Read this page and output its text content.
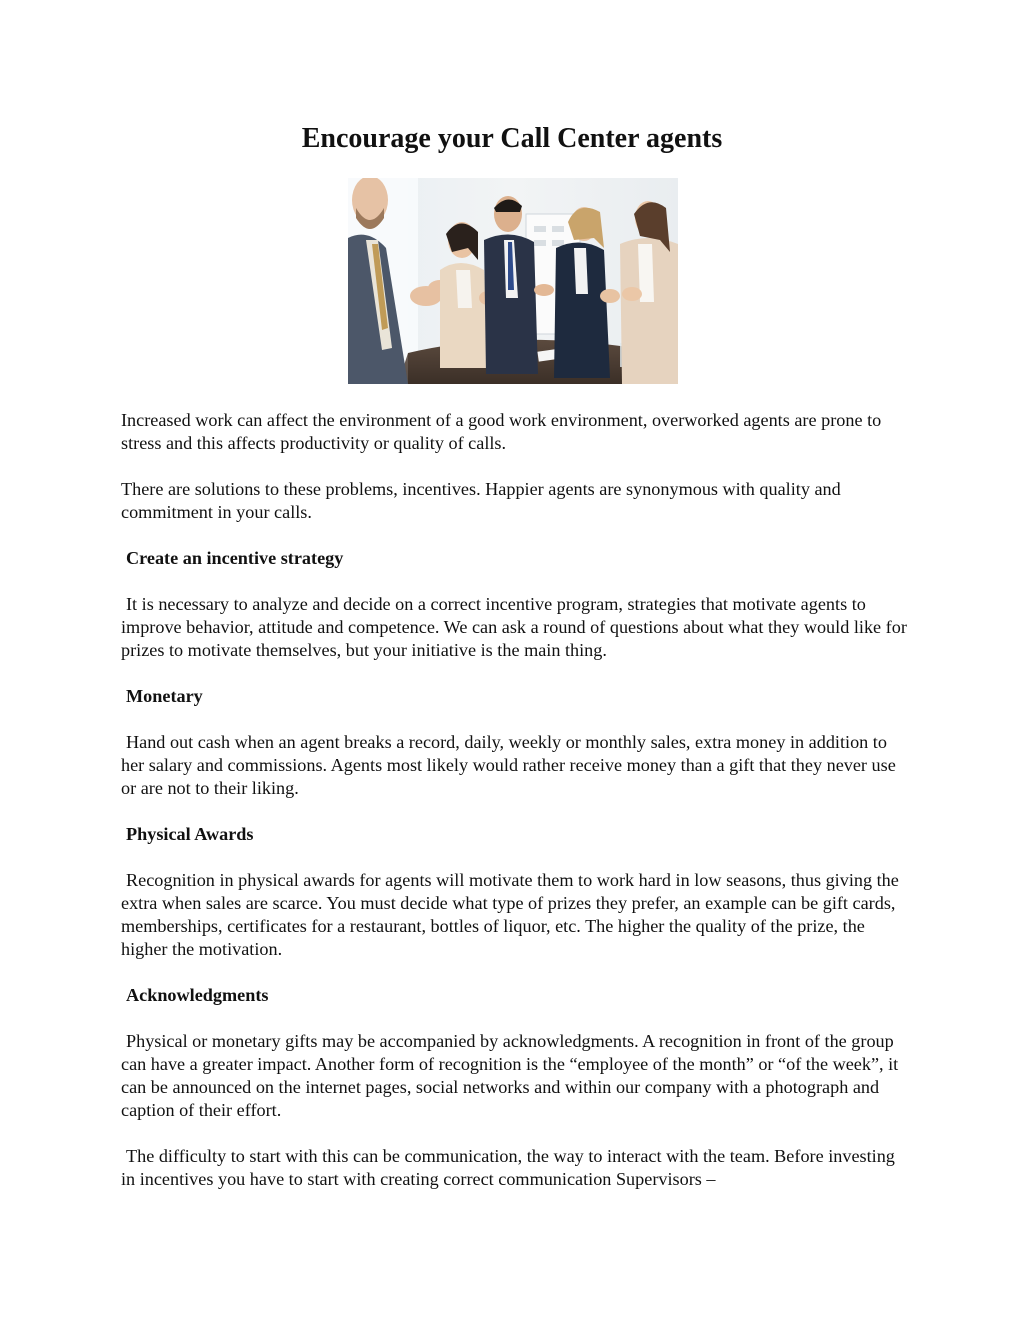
Encourage your Call Center agents

Increased work can affect the environment of a good work environment, overworked agents are prone to stress and this affects productivity or quality of calls.

There are solutions to these problems, incentives. Happier agents are synonymous with quality and commitment in your calls.

Create an incentive strategy

It is necessary to analyze and decide on a correct incentive program, strategies that motivate agents to improve behavior, attitude and competence. We can ask a round of questions about what they would like for prizes to motivate themselves, but your initiative is the main thing.

Monetary

Hand out cash when an agent breaks a record, daily, weekly or monthly sales, extra money in addition to her salary and commissions. Agents most likely would rather receive money than a gift that they never use or are not to their liking.

Physical Awards

Recognition in physical awards for agents will motivate them to work hard in low seasons, thus giving the extra when sales are scarce. You must decide what type of prizes they prefer, an example can be gift cards, memberships, certificates for a restaurant, bottles of liquor, etc. The higher the quality of the prize, the higher the motivation.

Acknowledgments

Physical or monetary gifts may be accompanied by acknowledgments. A recognition in front of the group can have a greater impact. Another form of recognition is the “employee of the month” or “of the week”, it can be announced on the internet pages, social networks and within our company with a photograph and caption of their effort.

The difficulty to start with this can be communication, the way to interact with the team. Before investing in incentives you have to start with creating correct communication Supervisors –
